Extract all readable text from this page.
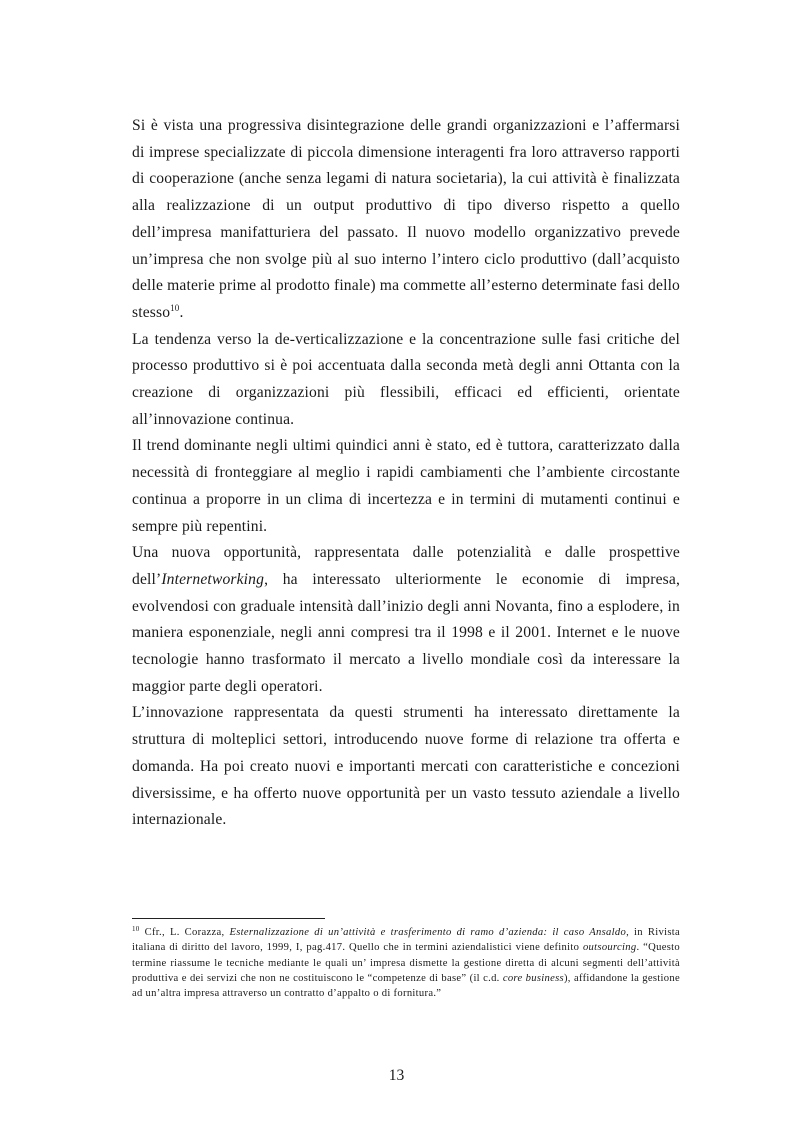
Si è vista una progressiva disintegrazione delle grandi organizzazioni e l’affermarsi di imprese specializzate di piccola dimensione interagenti fra loro attraverso rapporti di cooperazione (anche senza legami di natura societaria), la cui attività è finalizzata alla realizzazione di un output produttivo di tipo diverso rispetto a quello dell’impresa manifatturiera del passato. Il nuovo modello organizzativo prevede un’impresa che non svolge più al suo interno l’intero ciclo produttivo (dall’acquisto delle materie prime al prodotto finale) ma commette all’esterno determinate fasi dello stesso$^{10}$.

La tendenza verso la de-verticalizzazione e la concentrazione sulle fasi critiche del processo produttivo si è poi accentuata dalla seconda metà degli anni Ottanta con la creazione di organizzazioni più flessibili, efficaci ed efficienti, orientate all’innovazione continua.

Il trend dominante negli ultimi quindici anni è stato, ed è tuttora, caratterizzato dalla necessità di fronteggiare al meglio i rapidi cambiamenti che l’ambiente circostante continua a proporre in un clima di incertezza e in termini di mutamenti continui e sempre più repentini.

Una nuova opportunità, rappresentata dalle potenzialità e dalle prospettive dell’Internetworking, ha interessato ulteriormente le economie di impresa, evolvendosi con graduale intensità dall’inizio degli anni Novanta, fino a esplodere, in maniera esponenziale, negli anni compresi tra il 1998 e il 2001. Internet e le nuove tecnologie hanno trasformato il mercato a livello mondiale così da interessare la maggior parte degli operatori.

L’innovazione rappresentata da questi strumenti ha interessato direttamente la struttura di molteplici settori, introducendo nuove forme di relazione tra offerta e domanda. Ha poi creato nuovi e importanti mercati con caratteristiche e concezioni diversissime, e ha offerto nuove opportunità per un vasto tessuto aziendale a livello internazionale.

$^{10}$ Cfr., L. Corazza, Esternalizzazione di un’attività e trasferimento di ramo d’azienda: il caso Ansaldo, in Rivista italiana di diritto del lavoro, 1999, I, pag.417. Quello che in termini aziendalistici viene definito outsourcing. “Questo termine riassume le tecniche mediante le quali un’ impresa dismette la gestione diretta di alcuni segmenti dell’attività produttiva e dei servizi che non ne costituiscono le “competenze di base” (il c.d. core business), affidandone la gestione ad un’altra impresa attraverso un contratto d’appalto o di fornitura.”
13
